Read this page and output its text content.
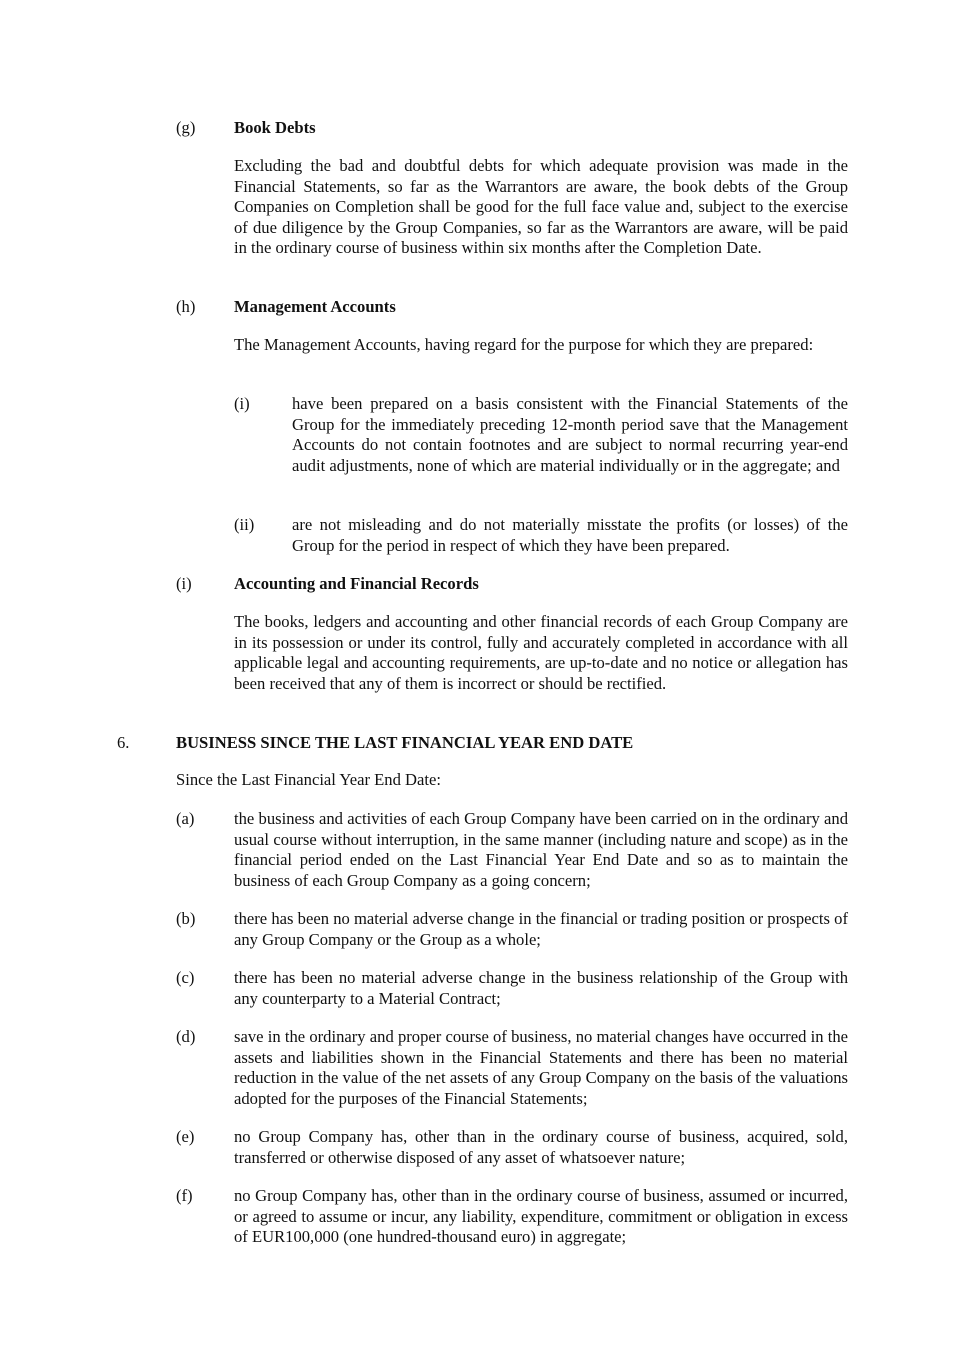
(g) Book Debts

Excluding the bad and doubtful debts for which adequate provision was made in the Financial Statements, so far as the Warrantors are aware, the book debts of the Group Companies on Completion shall be good for the full face value and, subject to the exercise of due diligence by the Group Companies, so far as the Warrantors are aware, will be paid in the ordinary course of business within six months after the Completion Date.

(h) Management Accounts

The Management Accounts, having regard for the purpose for which they are prepared:

(i)	have been prepared on a basis consistent with the Financial Statements of the Group for the immediately preceding 12-month period save that the Management Accounts do not contain footnotes and are subject to normal recurring year-end audit adjustments, none of which are material individually or in the aggregate; and

(ii) are not misleading and do not materially misstate the profits (or losses) of the Group for the period in respect of which they have been prepared.

(i)	Accounting and Financial Records

The books, ledgers and accounting and other financial records of each Group Company are in its possession or under its control, fully and accurately completed in accordance with all applicable legal and accounting requirements, are up-to-date and no notice or allegation has been received that any of them is incorrect or should be rectified.

6.	BUSINESS SINCE THE LAST FINANCIAL YEAR END DATE

Since the Last Financial Year End Date:

(a) the business and activities of each Group Company have been carried on in the ordinary and usual course without interruption, in the same manner (including nature and scope) as in the financial period ended on the Last Financial Year End Date and so as to maintain the business of each Group Company as a going concern;

(b) there has been no material adverse change in the financial or trading position or prospects of any Group Company or the Group as a whole;

(c) there has been no material adverse change in the business relationship of the Group with any counterparty to a Material Contract;

(d) save in the ordinary and proper course of business, no material changes have occurred in the assets and liabilities shown in the Financial Statements and there has been no material reduction in the value of the net assets of any Group Company on the basis of the valuations adopted for the purposes of the Financial Statements;

(e) no Group Company has, other than in the ordinary course of business, acquired, sold, transferred or otherwise disposed of any asset of whatsoever nature;

(f) no Group Company has, other than in the ordinary course of business, assumed or incurred, or agreed to assume or incur, any liability, expenditure, commitment or obligation in excess of EUR100,000 (one hundred-thousand euro) in aggregate;
